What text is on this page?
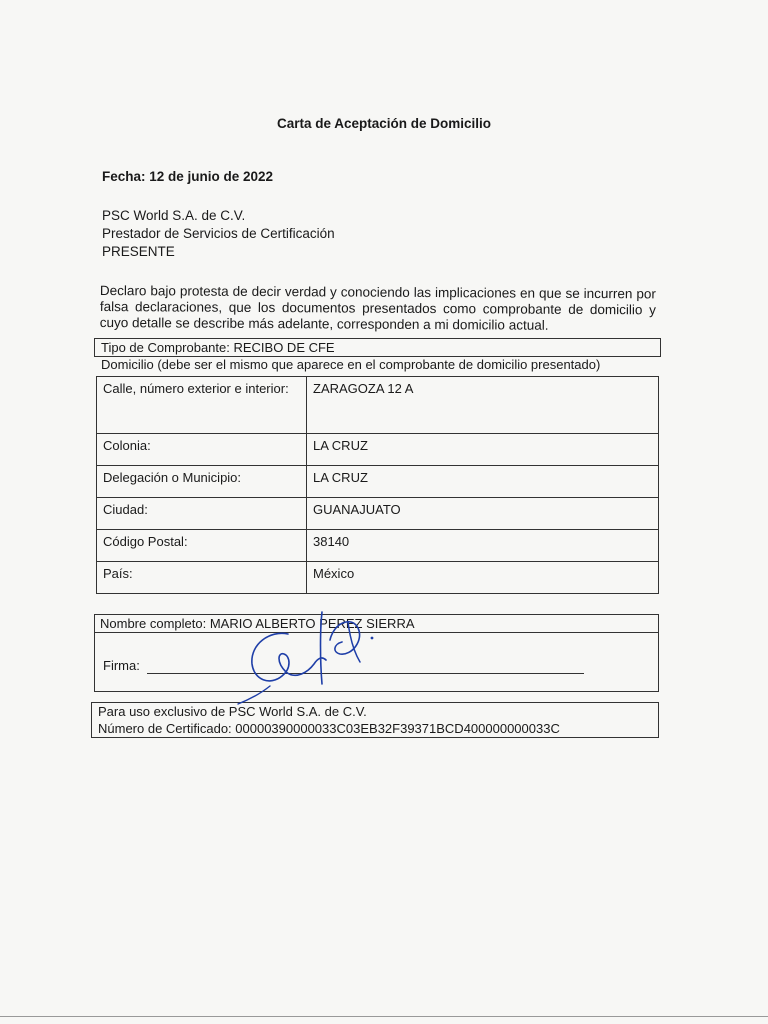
Carta de Aceptación de Domicilio
Fecha: 12 de junio de 2022
PSC World S.A. de C.V.
Prestador de Servicios de Certificación
PRESENTE
Declaro bajo protesta de decir verdad y conociendo las implicaciones en que se incurren por falsa declaraciones, que los documentos presentados como comprobante de domicilio y cuyo detalle se describe más adelante, corresponden a mi domicilio actual.
Tipo de Comprobante: RECIBO DE CFE
Domicilio (debe ser el mismo que aparece en el comprobante de domicilio presentado)
Calle, número exterior e interior:	ZARAGOZA 12 A
Colonia:	LA CRUZ
Delegación o Municipio:	LA CRUZ
Ciudad:	GUANAJUATO
Código Postal:	38140
País:	México
Nombre completo: MARIO ALBERTO PEREZ SIERRA
Firma:
Para uso exclusivo de PSC World S.A. de C.V.
Número de Certificado: 00000390000033C03EB32F39371BCD400000000033C
